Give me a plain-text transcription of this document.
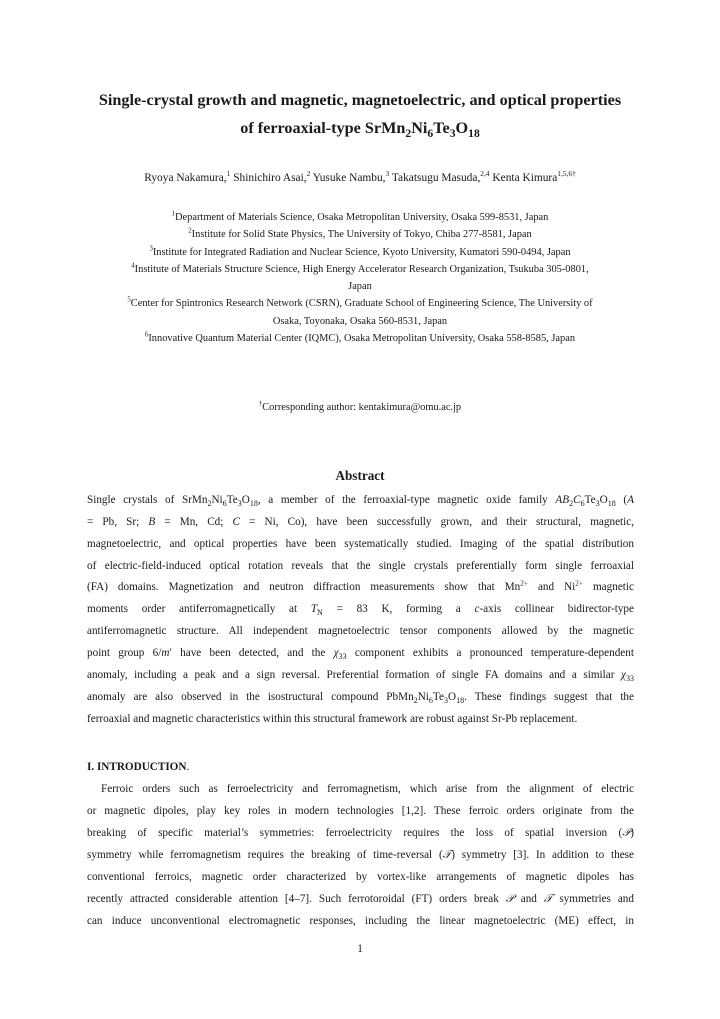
Single-crystal growth and magnetic, magnetoelectric, and optical properties
of ferroaxial-type $SrMn_2Ni_6Te_3O_{18}$
Ryoya Nakamura,$^1$ Shinichiro Asai,$^2$ Yusuke Nambu,$^3$ Takatsugu Masuda,$^{2,4}$ Kenta Kimura$^{1,5,6\dagger}$
$^1$Department of Materials Science, Osaka Metropolitan University, Osaka 599-8531, Japan
$^2$Institute for Solid State Physics, The University of Tokyo, Chiba 277-8581, Japan
$^3$Institute for Integrated Radiation and Nuclear Science, Kyoto University, Kumatori 590-0494, Japan
$^4$Institute of Materials Structure Science, High Energy Accelerator Research Organization, Tsukuba 305-0801,
Japan
$^5$Center for Spintronics Research Network (CSRN), Graduate School of Engineering Science, The University of
Osaka, Toyonaka, Osaka 560-8531, Japan
$^6$Innovative Quantum Material Center (IQMC), Osaka Metropolitan University, Osaka 558-8585, Japan
†Corresponding author: kentakimura@omu.ac.jp
Abstract
Single crystals of $SrMn_2Ni_6Te_3O_{18}$, a member of the ferroaxial-type magnetic oxide family $AB_2C_6Te_3O_{18}$ (A
= Pb, Sr; B = Mn, Cd; C = Ni, Co), have been successfully grown, and their structural, magnetic,
magnetoelectric, and optical properties have been systematically studied. Imaging of the spatial distribution
of electric-field-induced optical rotation reveals that the single crystals preferentially form single ferroaxial
(FA) domains. Magnetization and neutron diffraction measurements show that $Mn^{2+}$ and $Ni^{2+}$ magnetic
moments order antiferromagnetically at $T_N = 83$ K, forming a c-axis collinear bidirector-type
antiferromagnetic structure. All independent magnetoelectric tensor components allowed by the magnetic
point group 6/m′ have been detected, and the $\chi_{33}$ component exhibits a pronounced temperature-dependent
anomaly, including a peak and a sign reversal. Preferential formation of single FA domains and a similar $\chi_{33}$
anomaly are also observed in the isostructural compound $PbMn_2Ni_6Te_3O_{18}$. These findings suggest that the
ferroaxial and magnetic characteristics within this structural framework are robust against Sr-Pb replacement.
I. INTRODUCTION.
Ferroic orders such as ferroelectricity and ferromagnetism, which arise from the alignment of electric
or magnetic dipoles, play key roles in modern technologies [1,2]. These ferroic orders originate from the
breaking of specific material’s symmetries: ferroelectricity requires the loss of spatial inversion (𝒫)
symmetry while ferromagnetism requires the breaking of time-reversal (𝒯) symmetry [3]. In addition to these
conventional ferroics, magnetic order characterized by vortex-like arrangements of magnetic dipoles has
recently attracted considerable attention [4–7]. Such ferrotoroidal (FT) orders break 𝒫 and 𝒯 symmetries and
can induce unconventional electromagnetic responses, including the linear magnetoelectric (ME) effect, in
1
